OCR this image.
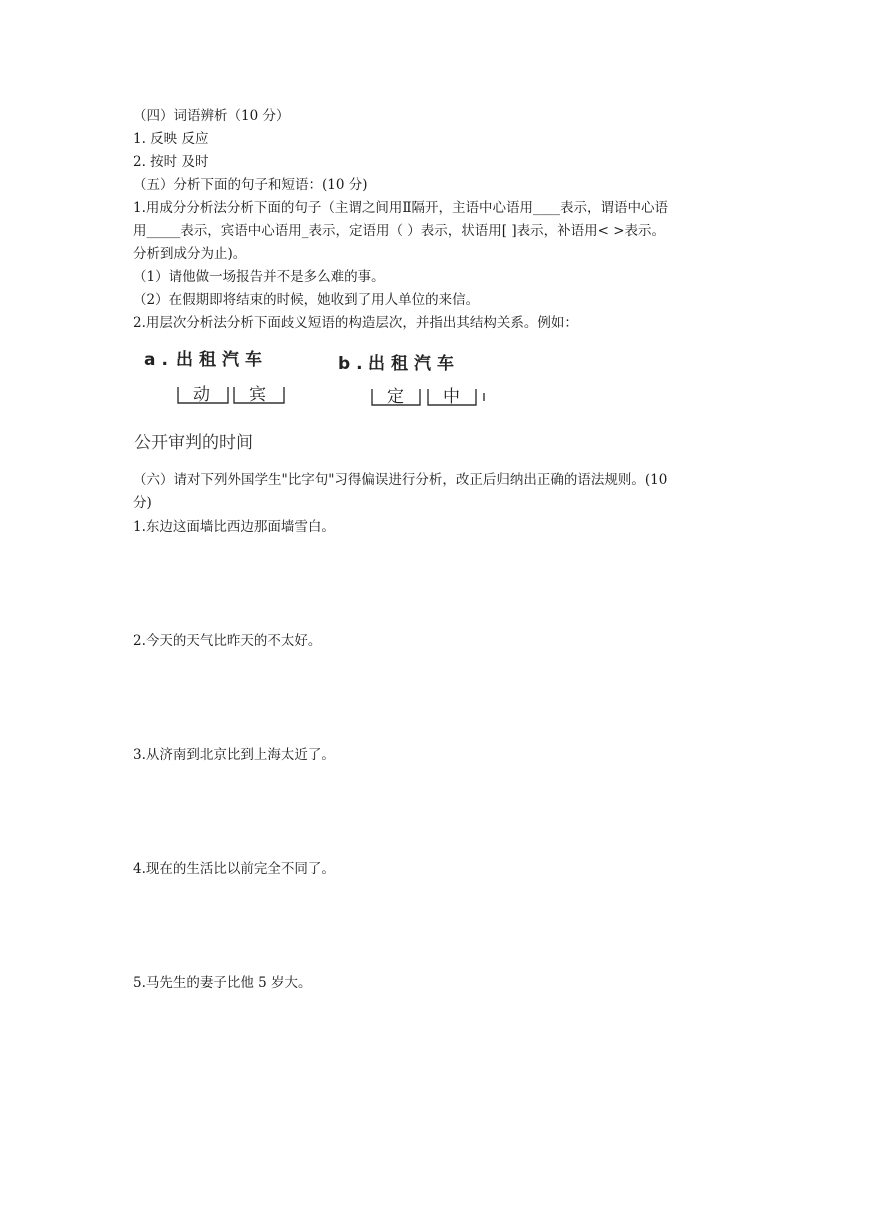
（四）词语辨析（10 分）
1. 反映 反应
2. 按时 及时
（五）分析下面的句子和短语：(10 分)
1.用成分分析法分析下面的句子（主谓之间用Ⅱ隔开，主语中心语用____表示，谓语中心语
用_____表示，宾语中心语用_表示，定语用（ ）表示，状语用[ ]表示，补语用< >表示。
分析到成分为止)。
（1）请他做一场报告并不是多么难的事。
（2）在假期即将结束的时候，她收到了用人单位的来信。
2.用层次分析法分析下面歧义短语的构造层次，并指出其结构关系。例如：
a. 出租汽车
动 宾
b. 出租汽车
定 中
公开审判的时间
（六）请对下列外国学生"比字句"习得偏误进行分析，改正后归纳出正确的语法规则。(10
分)
1.东边这面墙比西边那面墙雪白。
2.今天的天气比昨天的不太好。
3.从济南到北京比到上海太近了。
4.现在的生活比以前完全不同了。
5.马先生的妻子比他 5 岁大。
